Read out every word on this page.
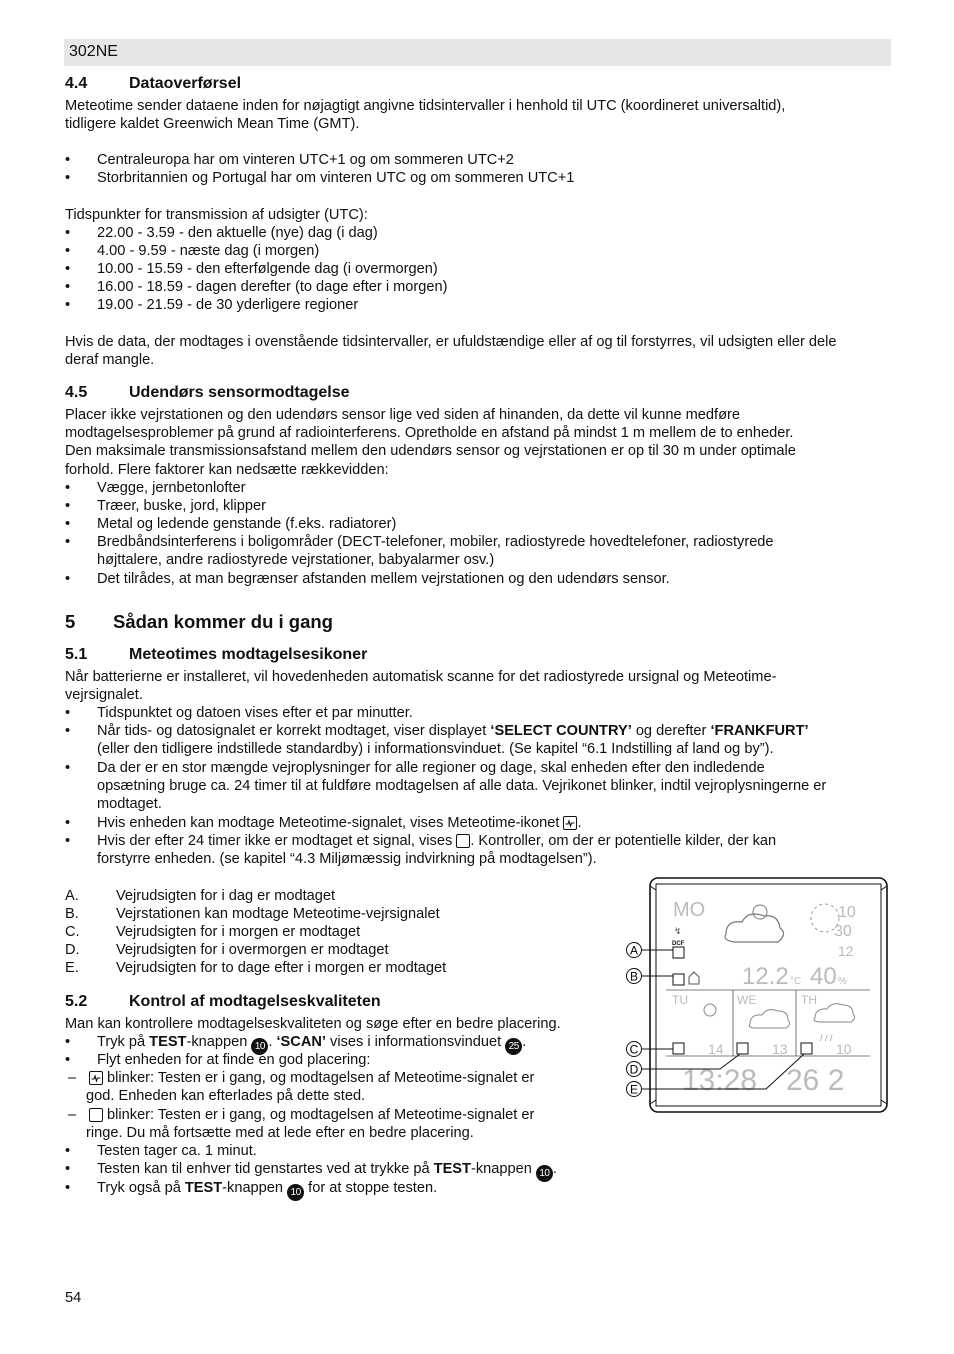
302NE
4.4	Dataoverførsel
Meteotime sender dataene inden for nøjagtigt angivne tidsintervaller i henhold til UTC (koordineret universaltid),
tidligere kaldet Greenwich Mean Time (GMT).
• Centraleuropa har om vinteren UTC+1 og om sommeren UTC+2
• Storbritannien og Portugal har om vinteren UTC og om sommeren UTC+1
Tidspunkter for transmission af udsigter (UTC):
• 22.00 - 3.59 - den aktuelle (nye) dag (i dag)
• 4.00 - 9.59 - næste dag (i morgen)
• 10.00 - 15.59 - den efterfølgende dag (i overmorgen)
• 16.00 - 18.59 - dagen derefter (to dage efter i morgen)
• 19.00 - 21.59 - de 30 yderligere regioner
Hvis de data, der modtages i ovenstående tidsintervaller, er ufuldstændige eller af og til forstyrres, vil udsigten eller dele
deraf mangle.
4.5	Udendørs sensormodtagelse
Placer ikke vejrstationen og den udendørs sensor lige ved siden af hinanden, da dette vil kunne medføre
modtagelsesproblemer på grund af radiointerferens. Opretholde en afstand på mindst 1 m mellem de to enheder.
Den maksimale transmissionsafstand mellem den udendørs sensor og vejrstationen er op til 30 m under optimale
forhold. Flere faktorer kan nedsætte rækkevidden:
• Vægge, jernbetonlofter
• Træer, buske, jord, klipper
• Metal og ledende genstande (f.eks. radiatorer)
• Bredbåndsinterferens i boligområder (DECT-telefoner, mobiler, radiostyrede hovedtelefoner, radiostyrede
højttalere, andre radiostyrede vejrstationer, babyalarmer osv.)
• Det tilrådes, at man begrænser afstanden mellem vejrstationen og den udendørs sensor.
5 Sådan kommer du i gang
5.1	Meteotimes modtagelsesikoner
Når batterierne er installeret, vil hovedenheden automatisk scanne for det radiostyrede ursignal og Meteotime-
vejrsignalet.
• Tidspunktet og datoen vises efter et par minutter.
• Når tids- og datosignalet er korrekt modtaget, viser displayet ‘SELECT COUNTRY’ og derefter ‘FRANKFURT’
(eller den tidligere indstillede standardby) i informationsvinduet. (Se kapitel “6.1 Indstilling af land og by”).
• Da der er en stor mængde vejroplysninger for alle regioner og dage, skal enheden efter den indledende
opsætning bruge ca. 24 timer til at fuldføre modtagelsen af alle data. Vejrikonet blinker, indtil vejroplysningerne er
modtaget.
• Hvis enheden kan modtage Meteotime-signalet, vises Meteotime-ikonet
.
• Hvis der efter 24 timer ikke er modtaget et signal, vises . Kontroller, om der er potentielle kilder, der kan
forstyrre enheden. (se kapitel “4.3 Miljømæssig indvirkning på modtagelsen”).
A.	Vejrudsigten for i dag er modtaget
B.	Vejrstationen kan modtage Meteotime-vejrsignalet
C. Vejrudsigten for i morgen er modtaget
D. Vejrudsigten for i overmorgen er modtaget
E.	Vejrudsigten for to dage efter i morgen er modtaget
5.2	Kontrol af modtagelseskvaliteten
Man kan kontrollere modtagelseskvaliteten og søge efter en bedre placering.
• Tryk på TEST-knappen 10 . ‘SCAN’ vises i informationsvinduet 25 .
• Flyt enheden for at finde en god placering:
–	blinker: Testen er i gang, og modtagelsen af Meteotime-signalet er
god. Enheden kan efterlades på dette sted.
–	blinker: Testen er i gang, og modtagelsen af Meteotime-signalet er
ringe. Du må fortsætte med at lede efter en bedre placering.
• Testen tager ca. 1 minut.
• Testen kan til enhver tid genstartes ved at trykke på TEST-knappen 10 .
• Tryk også på TEST-knappen 10 for at stoppe testen.
MO	10
30
12
↯
DCF
12.2 °C 40 %
TU	WE	TH
/ / /
14	13	10
13:28 26 2
A
B
C
D
E
54
